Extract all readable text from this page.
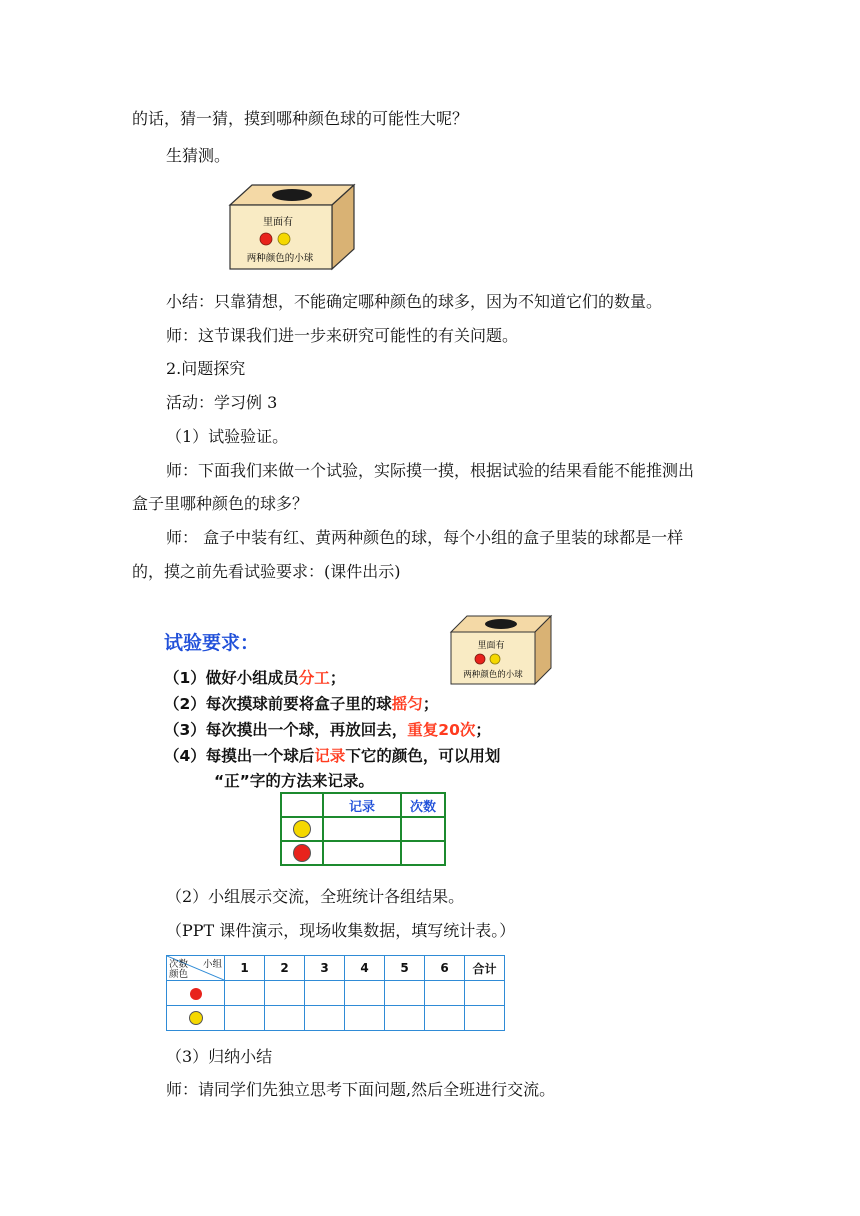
的话，猜一猜，摸到哪种颜色球的可能性大呢？
生猜测。
里面有
两种颜色的小球
小结：只靠猜想，不能确定哪种颜色的球多，因为不知道它们的数量。
师：这节课我们进一步来研究可能性的有关问题。
2.问题探究
活动：学习例 3
（1）试验验证。
师：下面我们来做一个试验，实际摸一摸，根据试验的结果看能不能推测出
盒子里哪种颜色的球多？
师： 盒子中装有红、黄两种颜色的球，每个小组的盒子里装的球都是一样
的，摸之前先看试验要求：(课件出示)
试验要求：	里面有
两种颜色的小球
（1）做好小组成员分工；
（2）每次摸球前要将盒子里的球摇匀；
（3）每次摸出一个球，再放回去，重复20次；
（4）每摸出一个球后记录下它的颜色，可以用划
“正”字的方法来记录。
	记录	次数

（2）小组展示交流，全班统计各组结果。
（PPT 课件演示，现场收集数据，填写统计表。）
次数 小组
颜色	1	2	3	4	5	6	合计

（3）归纳小结
师：请同学们先独立思考下面问题,然后全班进行交流。
